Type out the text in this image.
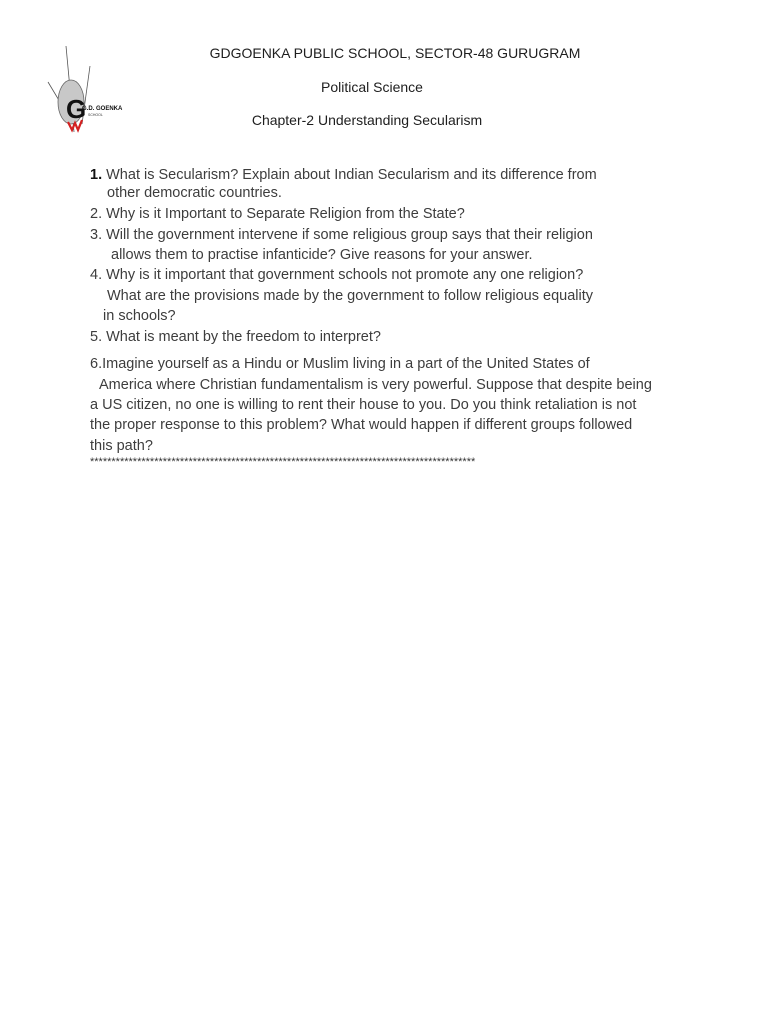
G
G.D. GOENKA
SCHOOL
GDGOENKA PUBLIC SCHOOL, SECTOR-48 GURUGRAM
Political Science
Chapter-2 Understanding Secularism

1. What is Secularism? Explain about Indian Secularism and its difference from

other democratic countries.

2. Why is it Important to Separate Religion from the State?

3. Will the government intervene if some religious group says that their religion

allows them to practise infanticide? Give reasons for your answer.

4. Why is it important that government schools not promote any one religion?

What are the provisions made by the government to follow religious equality

in schools?

5. What is meant by the freedom to interpret?

6.Imagine yourself as a Hindu or Muslim living in a part of the United States of

America where Christian fundamentalism is very powerful. Suppose that despite being

a US citizen, no one is willing to rent their house to you. Do you think retaliation is not

the proper response to this problem? What would happen if different groups followed

this path?

******************************************************************************************
